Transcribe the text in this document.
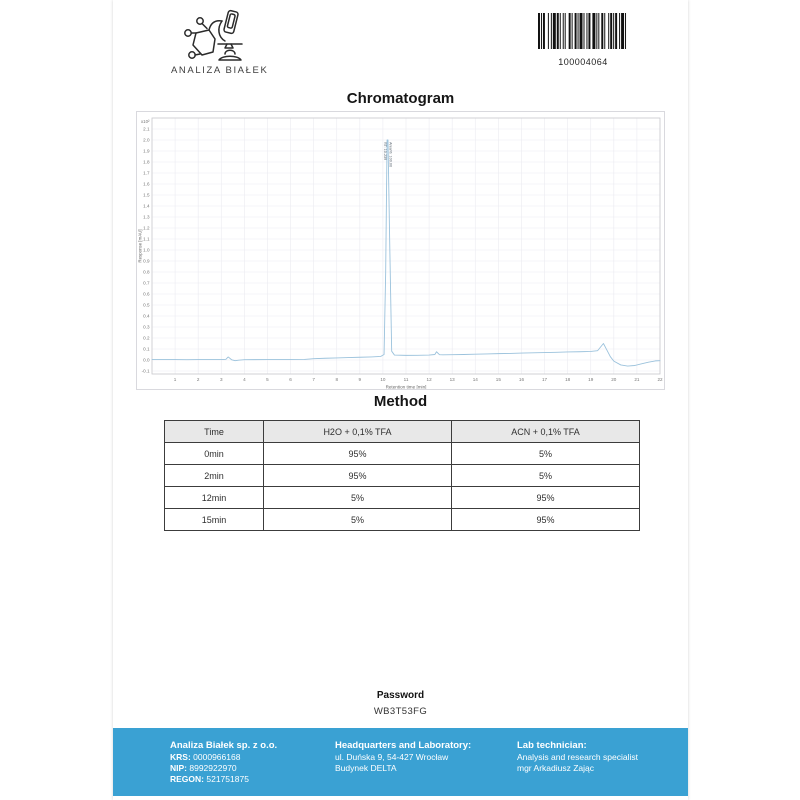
ANALIZA BIAŁEK
100004064
Chromatogram
-0.1
0.0
0.1
0.2
0.3
0.4
0.5
0.6
0.7
0.8
0.9
1.0
1.1
1.2
1.3
1.4
1.5
1.6
1.7
1.8
1.9
2.0
2.1
x10²
1	2	3	4	5	6	7	8	9	10	11	12	13	14	15	16	17	18	19	20	21	22
Retention time [min]
Response [mAU]
RT: 10.239 Area%: 100.00
Method
Time	H2O + 0,1% TFA	ACN + 0,1% TFA
0min	95%	5%
2min	95%	5%
12min	5%	95%
15min	5%	95%
Password
WB3T53FG
Analiza Białek sp. z o.o.
KRS: 0000966168
NIP: 8992922970
REGON: 521751875
Headquarters and Laboratory:
ul. Duńska 9, 54-427 Wrocław
Budynek DELTA
Lab technician:
Analysis and research specialist
mgr Arkadiusz Zając
